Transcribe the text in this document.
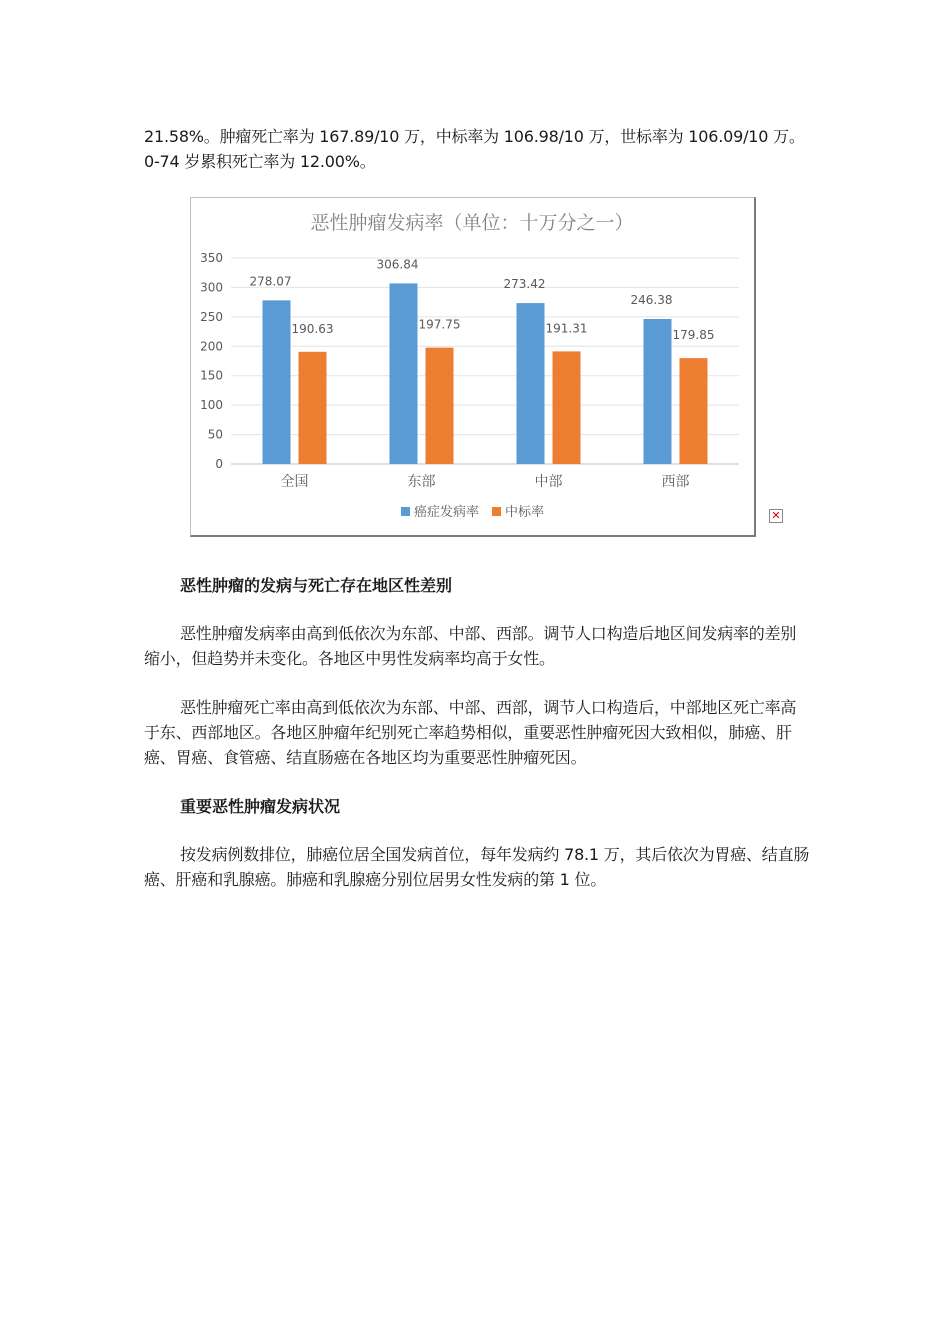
21.58%。肿瘤死亡率为 167.89/10 万，中标率为 106.98/10 万，世标率为 106.09/10 万。

0-74 岁累积死亡率为 12.00%。

恶性肿瘤发病率（单位：十万分之一）
0
50
100
150
200
250
300
350
278.07
190.63
306.84
197.75
273.42
191.31
246.38
179.85
全国	东部	中部	西部
癌症发病率 中标率	✕

恶性肿瘤的发病与死亡存在地区性差别

恶性肿瘤发病率由高到低依次为东部、中部、西部。调节人口构造后地区间发病率的差别缩小，但趋势并未变化。各地区中男性发病率均高于女性。

恶性肿瘤死亡率由高到低依次为东部、中部、西部，调节人口构造后，中部地区死亡率高于东、西部地区。各地区肿瘤年纪别死亡率趋势相似，重要恶性肿瘤死因大致相似，肺癌、肝癌、胃癌、食管癌、结直肠癌在各地区均为重要恶性肿瘤死因。

重要恶性肿瘤发病状况

按发病例数排位，肺癌位居全国发病首位，每年发病约 78.1 万，其后依次为胃癌、结直肠癌、肝癌和乳腺癌。肺癌和乳腺癌分别位居男女性发病的第 1 位。
